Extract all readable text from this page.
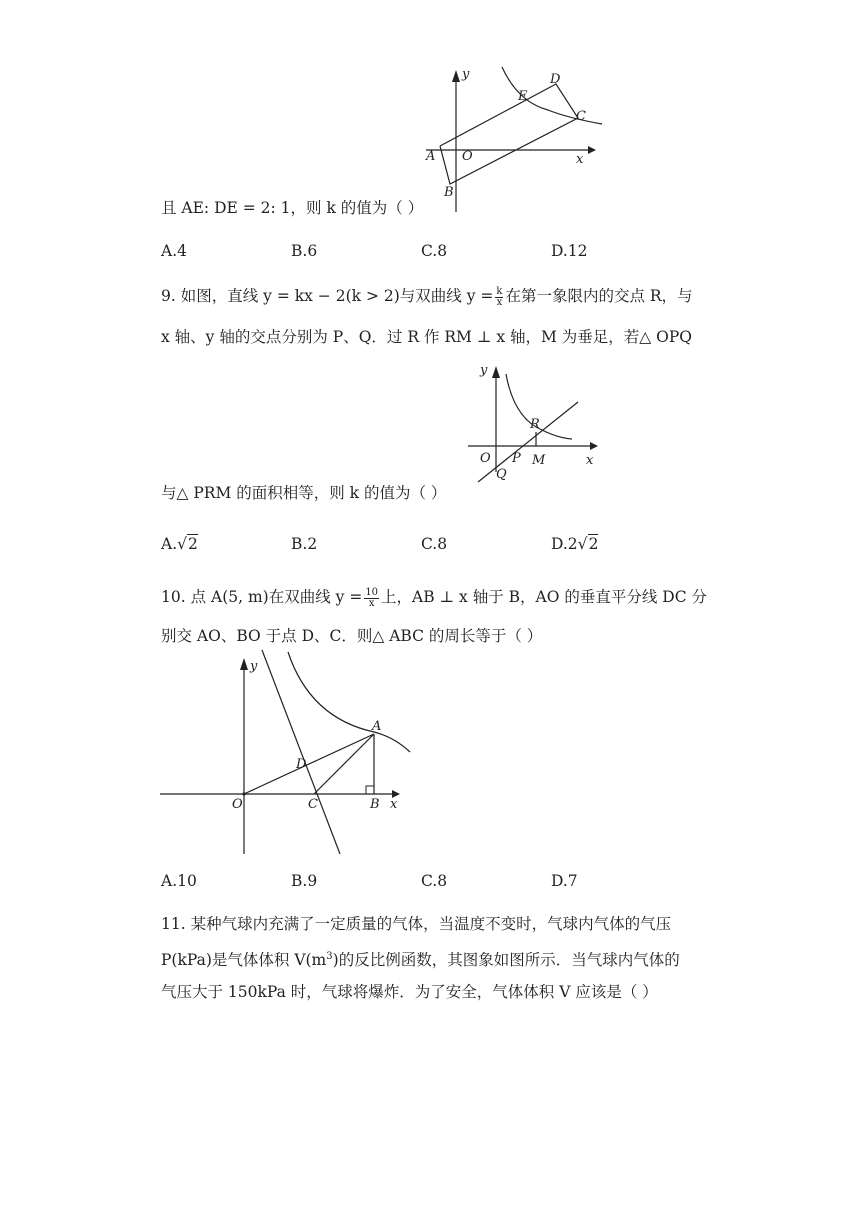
y
x
A O
B
E
D
C
且 AE: DE = 2: 1，则 k 的值为（ ）
A.4	B.6	C.8	D.12
9. 如图，直线 y = kx − 2(k > 2)与双曲线 $y = \frac{k}{x}$ 在第一象限内的交点 R，与
x 轴、y 轴的交点分别为 P、Q．过 R 作 RM ⊥ x 轴，M 为垂足，若△ OPQ
y
x
O P M
Q
R
与△ PRM 的面积相等，则 k 的值为（ ）
A.√2	B.2	C.8	D.2√2
10. 点 A(5, m)在双曲线 $y = \frac{10}{x}$ 上，AB ⊥ x 轴于 B，AO 的垂直平分线 DC 分
别交 AO、BO 于点 D、C．则△ ABC 的周长等于（ ）
y
x
O	C	B
A
D
A.10	B.9	C.8	D.7
11. 某种气球内充满了一定质量的气体，当温度不变时，气球内气体的气压
P(kPa)是气体体积 $V(m^3)$的反比例函数，其图象如图所示．当气球内气体的
气压大于 150kPa 时，气球将爆炸．为了安全，气体体积 V 应该是（ ）
